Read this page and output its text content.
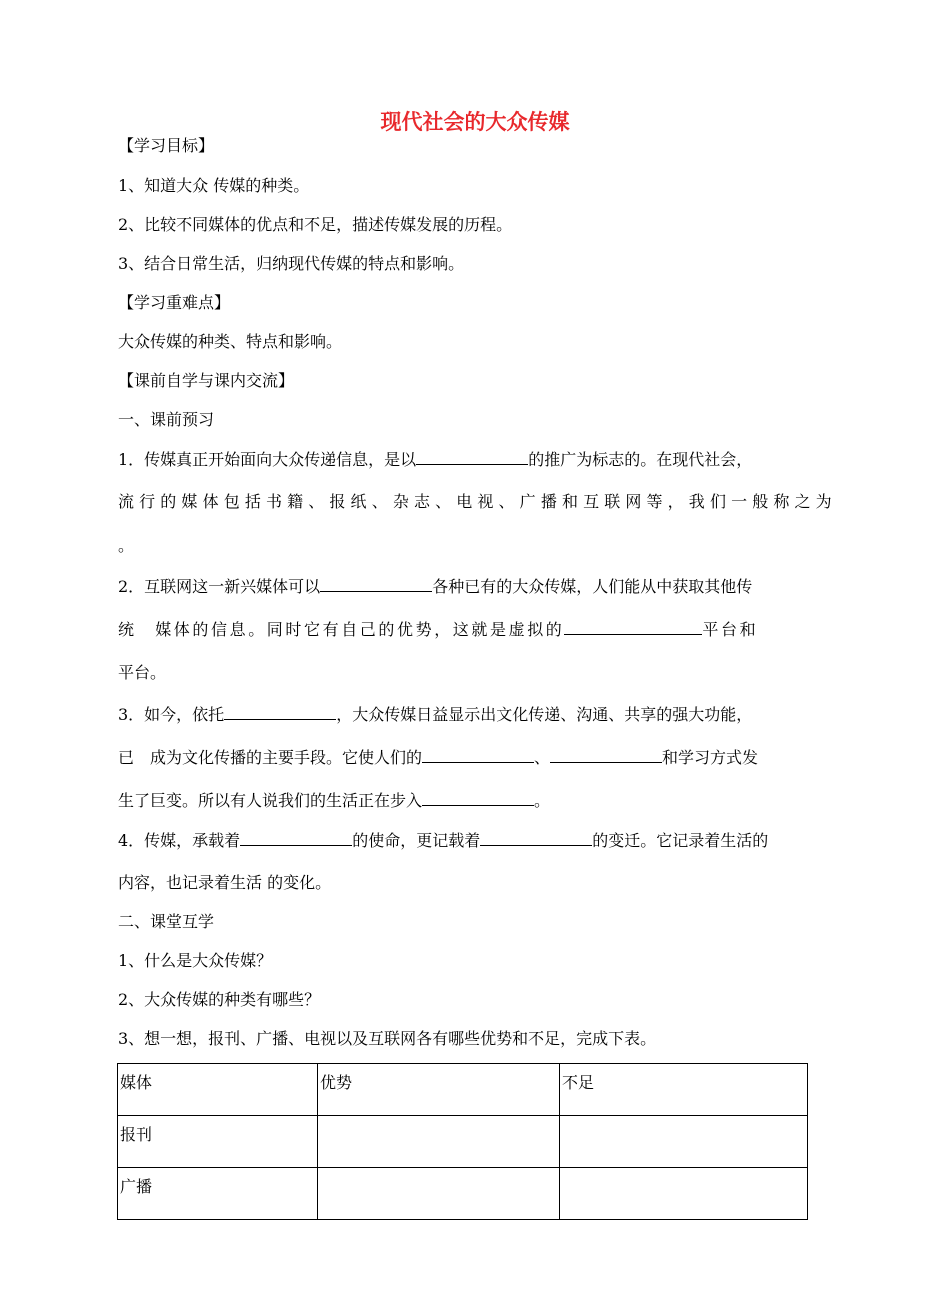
现代社会的大众传媒
【学习目标】
1、知道大众 传媒的种类。
2、比较不同媒体的优点和不足，描述传媒发展的历程。
3、结合日常生活，归纳现代传媒的特点和影响。
【学习重难点】
大众传媒的种类、特点和影响。
【课前自学与课内交流】
一、课前预习
1．传媒真正开始面向大众传递信息，是以	的推广为标志的。在现代社会，
流 行 的 媒 体 包 括 书 籍 、 报 纸 、 杂 志 、 电 视 、 广 播 和 互 联 网 等 ， 我 们 一 般 称 之 为
。
2．互联网这一新兴媒体可以	各种已有的大众传媒，人们能从中获取其他传
统　媒体的信息。同时它有自己的优势，这就是虚拟的	平台和
平台。
3．如今，依托	，大众传媒日益显示出文化传递、沟通、共享的强大功能，
已　成为文化传播的主要手段。它使人们的	、	和学习方式发
生了巨变。所以有人说我们的生活正在步入	。
4．传媒，承载着	的使命，更记载着	的变迁。它记录着生活的
内容，也记录着生活 的变化。
二、课堂互学
1、什么是大众传媒？
2、大众传媒的种类有哪些？
3、想一想，报刊、广播、电视以及互联网各有哪些优势和不足，完成下表。
媒体	优势	不足
报刊		
广播		
